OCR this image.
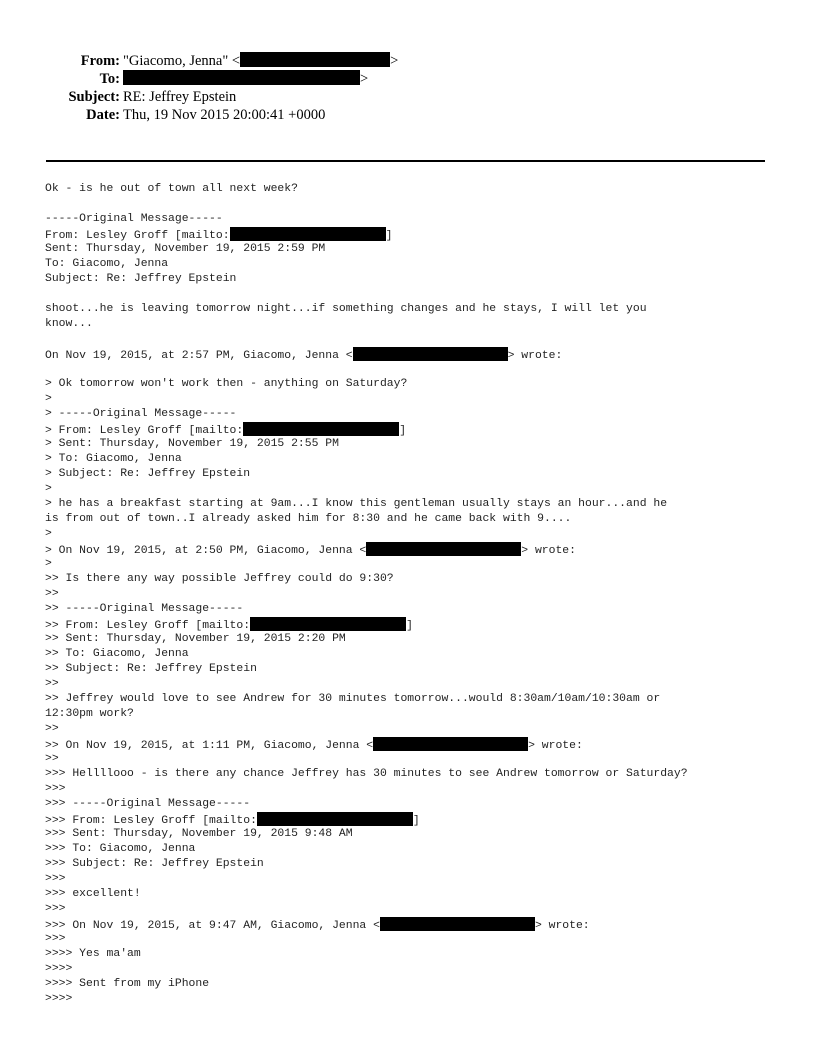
From: "Giacomo, Jenna" <	>
To:	>
Subject: RE: Jeffrey Epstein
Date: Thu, 19 Nov 2015 20:00:41 +0000
Ok - is he out of town all next week?
-----Original Message-----
From: Lesley Groff [mailto:	]
Sent: Thursday, November 19, 2015 2:59 PM
To: Giacomo, Jenna
Subject: Re: Jeffrey Epstein
shoot...he is leaving tomorrow night...if something changes and he stays, I will let you
know...
On Nov 19, 2015, at 2:57 PM, Giacomo, Jenna <	> wrote:
> Ok tomorrow won't work then - anything on Saturday?
>
> -----Original Message-----
> From: Lesley Groff [mailto:	]
> Sent: Thursday, November 19, 2015 2:55 PM
> To: Giacomo, Jenna
> Subject: Re: Jeffrey Epstein
>
> he has a breakfast starting at 9am...I know this gentleman usually stays an hour...and he
is from out of town..I already asked him for 8:30 and he came back with 9....
>
> On Nov 19, 2015, at 2:50 PM, Giacomo, Jenna <	> wrote:
>
>> Is there any way possible Jeffrey could do 9:30?
>>
>> -----Original Message-----
>> From: Lesley Groff [mailto:	]
>> Sent: Thursday, November 19, 2015 2:20 PM
>> To: Giacomo, Jenna
>> Subject: Re: Jeffrey Epstein
>>
>> Jeffrey would love to see Andrew for 30 minutes tomorrow...would 8:30am/10am/10:30am or
12:30pm work?
>>
>> On Nov 19, 2015, at 1:11 PM, Giacomo, Jenna <	> wrote:
>>
>>> Hellllooo - is there any chance Jeffrey has 30 minutes to see Andrew tomorrow or Saturday?
>>>
>>> -----Original Message-----
>>> From: Lesley Groff [mailto:	]
>>> Sent: Thursday, November 19, 2015 9:48 AM
>>> To: Giacomo, Jenna
>>> Subject: Re: Jeffrey Epstein
>>>
>>> excellent!
>>>
>>> On Nov 19, 2015, at 9:47 AM, Giacomo, Jenna <	> wrote:
>>>
>>>> Yes ma'am
>>>>
>>>> Sent from my iPhone
>>>>
